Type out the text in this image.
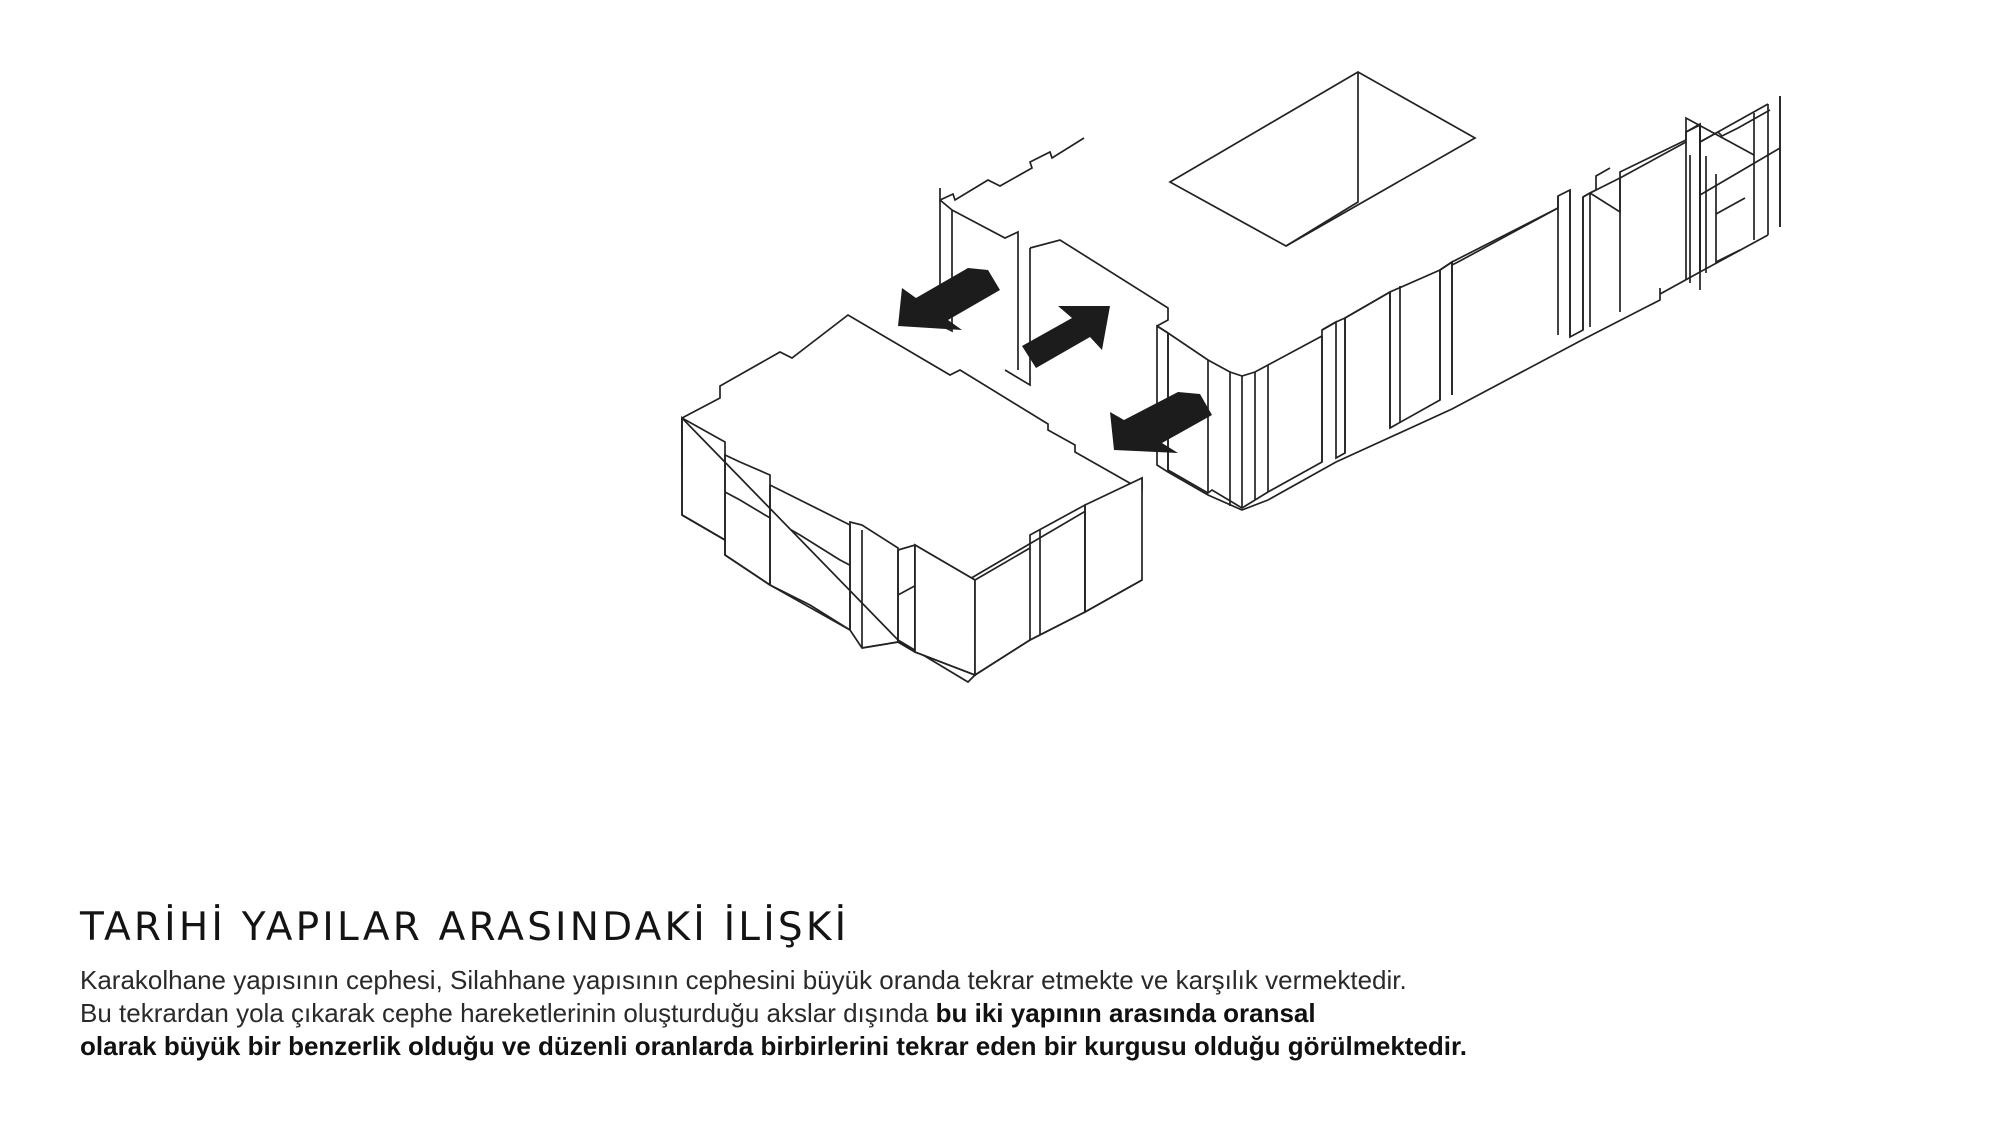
TARİHİ YAPILAR ARASINDAKİ İLİŞKİ

Karakolhane yapısının cephesi, Silahhane yapısının cephesini büyük oranda tekrar etmekte ve karşılık vermektedir.
Bu tekrardan yola çıkarak cephe hareketlerinin oluşturduğu akslar dışında bu iki yapının arasında oransal
olarak büyük bir benzerlik olduğu ve düzenli oranlarda birbirlerini tekrar eden bir kurgusu olduğu görülmektedir.
